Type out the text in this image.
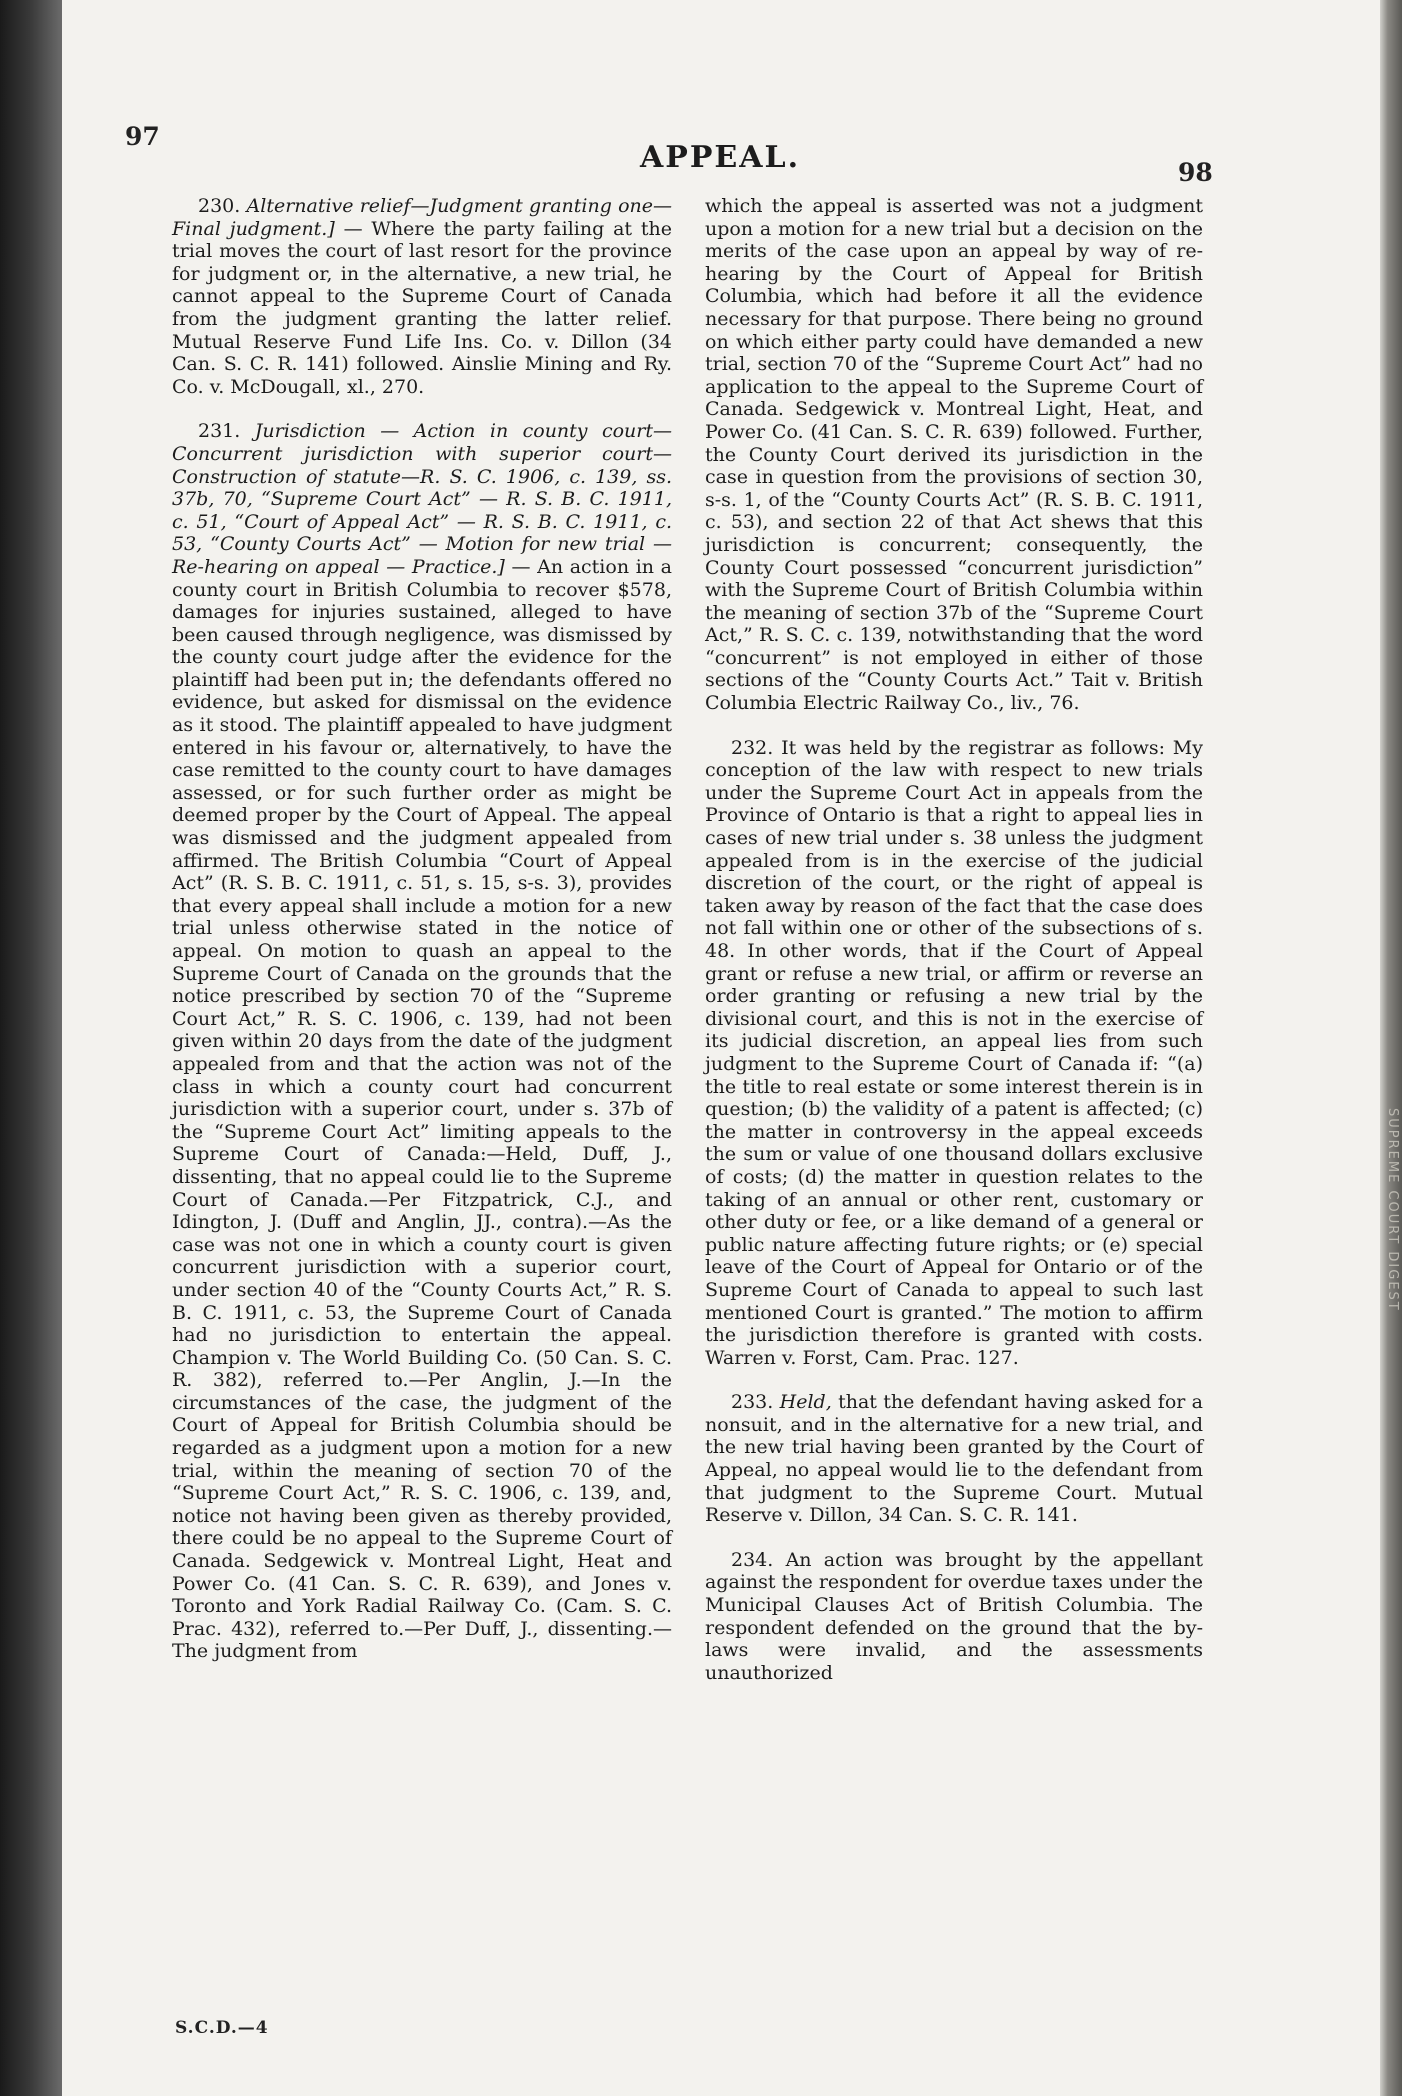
SUPREME COURT DIGEST
97
APPEAL.	98

230. Alternative relief—Judgment granting one—Final judgment.] — Where the party failing at the trial moves the court of last resort for the province for judgment or, in the alternative, a new trial, he cannot appeal to the Supreme Court of Canada from the judgment granting the latter relief. Mutual Reserve Fund Life Ins. Co. v. Dillon (34 Can. S. C. R. 141) followed. Ainslie Mining and Ry. Co. v. McDougall, xl., 270.

231. Jurisdiction — Action in county court—Concurrent jurisdiction with superior court—Construction of statute—R. S. C. 1906, c. 139, ss. 37b, 70, “Supreme Court Act” — R. S. B. C. 1911, c. 51, “Court of Appeal Act” — R. S. B. C. 1911, c. 53, “County Courts Act” — Motion for new trial — Re-hearing on appeal — Practice.] — An action in a county court in British Columbia to recover $578, damages for injuries sustained, alleged to have been caused through negligence, was dismissed by the county court judge after the evidence for the plaintiff had been put in; the defendants offered no evidence, but asked for dismissal on the evidence as it stood. The plaintiff appealed to have judgment entered in his favour or, alternatively, to have the case remitted to the county court to have damages assessed, or for such further order as might be deemed proper by the Court of Appeal. The appeal was dismissed and the judgment appealed from affirmed. The British Columbia “Court of Appeal Act” (R. S. B. C. 1911, c. 51, s. 15, s-s. 3), provides that every appeal shall include a motion for a new trial unless otherwise stated in the notice of appeal. On motion to quash an appeal to the Supreme Court of Canada on the grounds that the notice prescribed by section 70 of the “Supreme Court Act,” R. S. C. 1906, c. 139, had not been given within 20 days from the date of the judgment appealed from and that the action was not of the class in which a county court had concurrent jurisdiction with a superior court, under s. 37b of the “Supreme Court Act” limiting appeals to the Supreme Court of Canada:—Held, Duff, J., dissenting, that no appeal could lie to the Supreme Court of Canada.—Per Fitzpatrick, C.J., and Idington, J. (Duff and Anglin, JJ., contra).—As the case was not one in which a county court is given concurrent jurisdiction with a superior court, under section 40 of the “County Courts Act,” R. S. B. C. 1911, c. 53, the Supreme Court of Canada had no jurisdiction to entertain the appeal. Champion v. The World Building Co. (50 Can. S. C. R. 382), referred to.—Per Anglin, J.—In the circumstances of the case, the judgment of the Court of Appeal for British Columbia should be regarded as a judgment upon a motion for a new trial, within the meaning of section 70 of the “Supreme Court Act,” R. S. C. 1906, c. 139, and, notice not having been given as thereby provided, there could be no appeal to the Supreme Court of Canada. Sedgewick v. Montreal Light, Heat and Power Co. (41 Can. S. C. R. 639), and Jones v. Toronto and York Radial Railway Co. (Cam. S. C. Prac. 432), referred to.—Per Duff, J., dissenting.—The judgment from

which the appeal is asserted was not a judgment upon a motion for a new trial but a decision on the merits of the case upon an appeal by way of re-hearing by the Court of Appeal for British Columbia, which had before it all the evidence necessary for that purpose. There being no ground on which either party could have demanded a new trial, section 70 of the “Supreme Court Act” had no application to the appeal to the Supreme Court of Canada. Sedgewick v. Montreal Light, Heat, and Power Co. (41 Can. S. C. R. 639) followed. Further, the County Court derived its jurisdiction in the case in question from the provisions of section 30, s-s. 1, of the “County Courts Act” (R. S. B. C. 1911, c. 53), and section 22 of that Act shews that this jurisdiction is concurrent; consequently, the County Court possessed “concurrent jurisdiction” with the Supreme Court of British Columbia within the meaning of section 37b of the “Supreme Court Act,” R. S. C. c. 139, notwithstanding that the word “concurrent” is not employed in either of those sections of the “County Courts Act.” Tait v. British Columbia Electric Railway Co., liv., 76.

232. It was held by the registrar as follows: My conception of the law with respect to new trials under the Supreme Court Act in appeals from the Province of Ontario is that a right to appeal lies in cases of new trial under s. 38 unless the judgment appealed from is in the exercise of the judicial discretion of the court, or the right of appeal is taken away by reason of the fact that the case does not fall within one or other of the subsections of s. 48. In other words, that if the Court of Appeal grant or refuse a new trial, or affirm or reverse an order granting or refusing a new trial by the divisional court, and this is not in the exercise of its judicial discretion, an appeal lies from such judgment to the Supreme Court of Canada if: “(a) the title to real estate or some interest therein is in question; (b) the validity of a patent is affected; (c) the matter in controversy in the appeal exceeds the sum or value of one thousand dollars exclusive of costs; (d) the matter in question relates to the taking of an annual or other rent, customary or other duty or fee, or a like demand of a general or public nature affecting future rights; or (e) special leave of the Court of Appeal for Ontario or of the Supreme Court of Canada to appeal to such last mentioned Court is granted.” The motion to affirm the jurisdiction therefore is granted with costs. Warren v. Forst, Cam. Prac. 127.

233. Held, that the defendant having asked for a nonsuit, and in the alternative for a new trial, and the new trial having been granted by the Court of Appeal, no appeal would lie to the defendant from that judgment to the Supreme Court. Mutual Reserve v. Dillon, 34 Can. S. C. R. 141.

234. An action was brought by the appellant against the respondent for overdue taxes under the Municipal Clauses Act of British Columbia. The respondent defended on the ground that the by-laws were invalid, and the assessments unauthorized

S.C.D.—4
